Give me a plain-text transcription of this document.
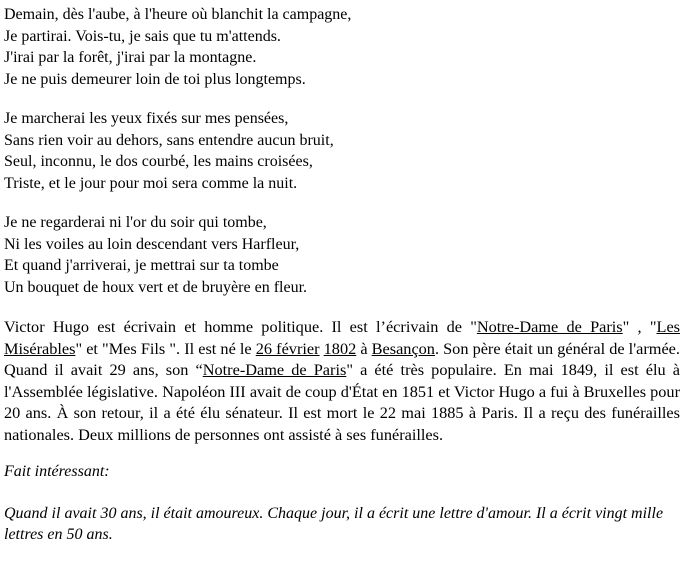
Demain, dès l'aube, à l'heure où blanchit la campagne,
Je partirai. Vois-tu, je sais que tu m'attends.
J'irai par la forêt, j'irai par la montagne.
Je ne puis demeurer loin de toi plus longtemps.
Je marcherai les yeux fixés sur mes pensées,
Sans rien voir au dehors, sans entendre aucun bruit,
Seul, inconnu, le dos courbé, les mains croisées,
Triste, et le jour pour moi sera comme la nuit.
Je ne regarderai ni l'or du soir qui tombe,
Ni les voiles au loin descendant vers Harfleur,
Et quand j'arriverai, je mettrai sur ta tombe
Un bouquet de houx vert et de bruyère en fleur.

Victor Hugo est écrivain et homme politique. Il est l’écrivain de "Notre-Dame de Paris" , "Les Misérables" et "Mes Fils ". Il est né le 26 février 1802 à Besançon. Son père était un général de l'armée. Quand il avait 29 ans, son “Notre-Dame de Paris" a été très populaire. En mai 1849, il est élu à l'Assemblée législative. Napoléon III avait de coup d'État en 1851 et Victor Hugo a fui à Bruxelles pour 20 ans. À son retour, il a été élu sénateur. Il est mort le 22 mai 1885 à Paris. Il a reçu des funérailles nationales. Deux millions de personnes ont assisté à ses funérailles.

Fait intéressant:

Quand il avait 30 ans, il était amoureux. Chaque jour, il a écrit une lettre d'amour. Il a écrit vingt mille lettres en 50 ans.
